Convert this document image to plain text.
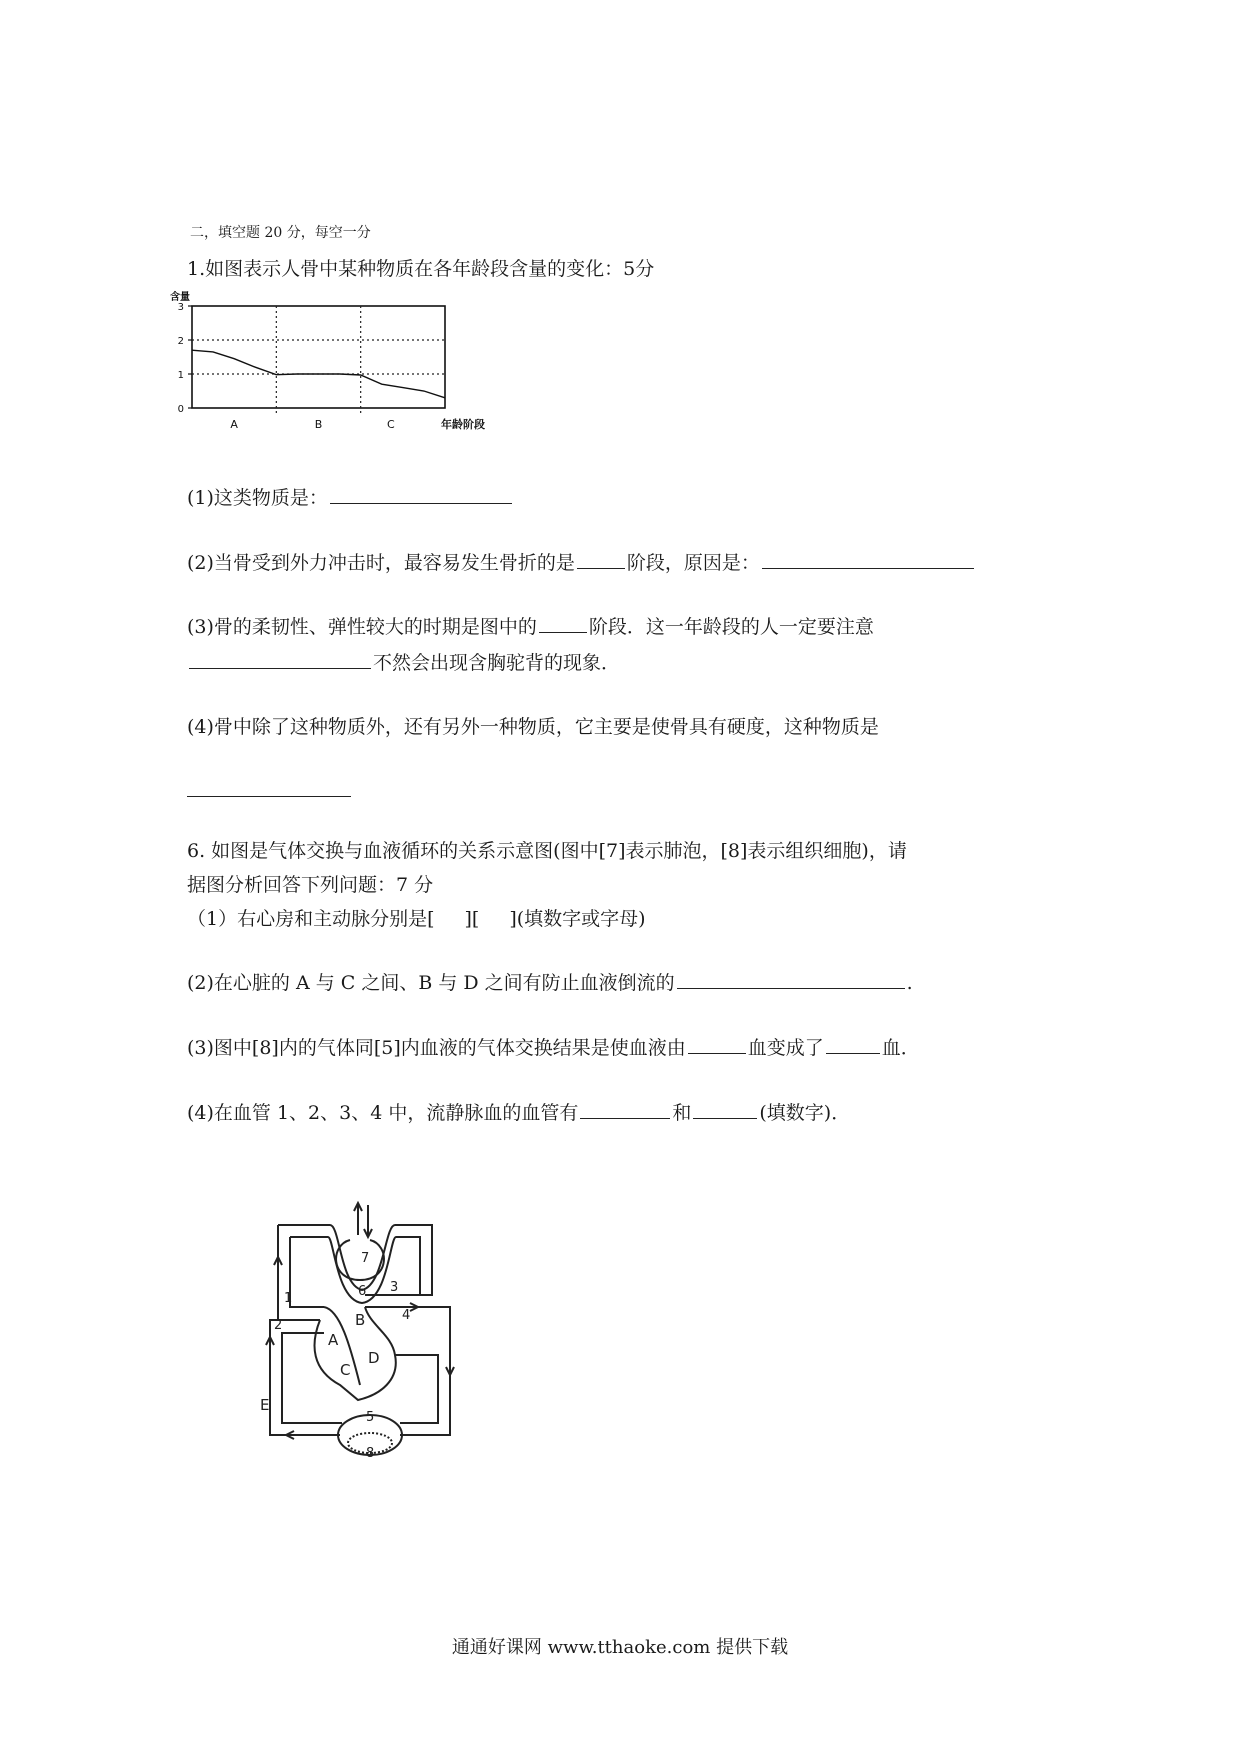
二，填空题 20 分，每空一分
1.如图表示人骨中某种物质在各年龄段含量的变化：5分
0
1
2
3
含量
A	B	C	年龄阶段
(1)这类物质是：
(2)当骨受到外力冲击时，最容易发生骨折的是	阶段，原因是：
(3)骨的柔韧性、弹性较大的时期是图中的	阶段．这一年龄段的人一定要注意
不然会出现含胸驼背的现象．
(4)骨中除了这种物质外，还有另外一种物质，它主要是使骨具有硬度，这种物质是
6. 如图是气体交换与血液循环的关系示意图(图中[7]表示肺泡，[8]表示组织细胞)，请
据图分析回答下列问题：7 分
（1）右心房和主动脉分别是[ ][ ](填数字或字母)
(2)在心脏的 A 与 C 之间、B 与 D 之间有防止血液倒流的	.
(3)图中[8]内的气体同[5]内血液的气体交换结果是使血液由	血变成了	血．
(4)在血管 1、2、3、4 中，流静脉血的血管有	和	(填数字)．
7
6
1
2
3
4
A
B
C
D
E
5
8
通通好课网 www.tthaoke.com 提供下载
